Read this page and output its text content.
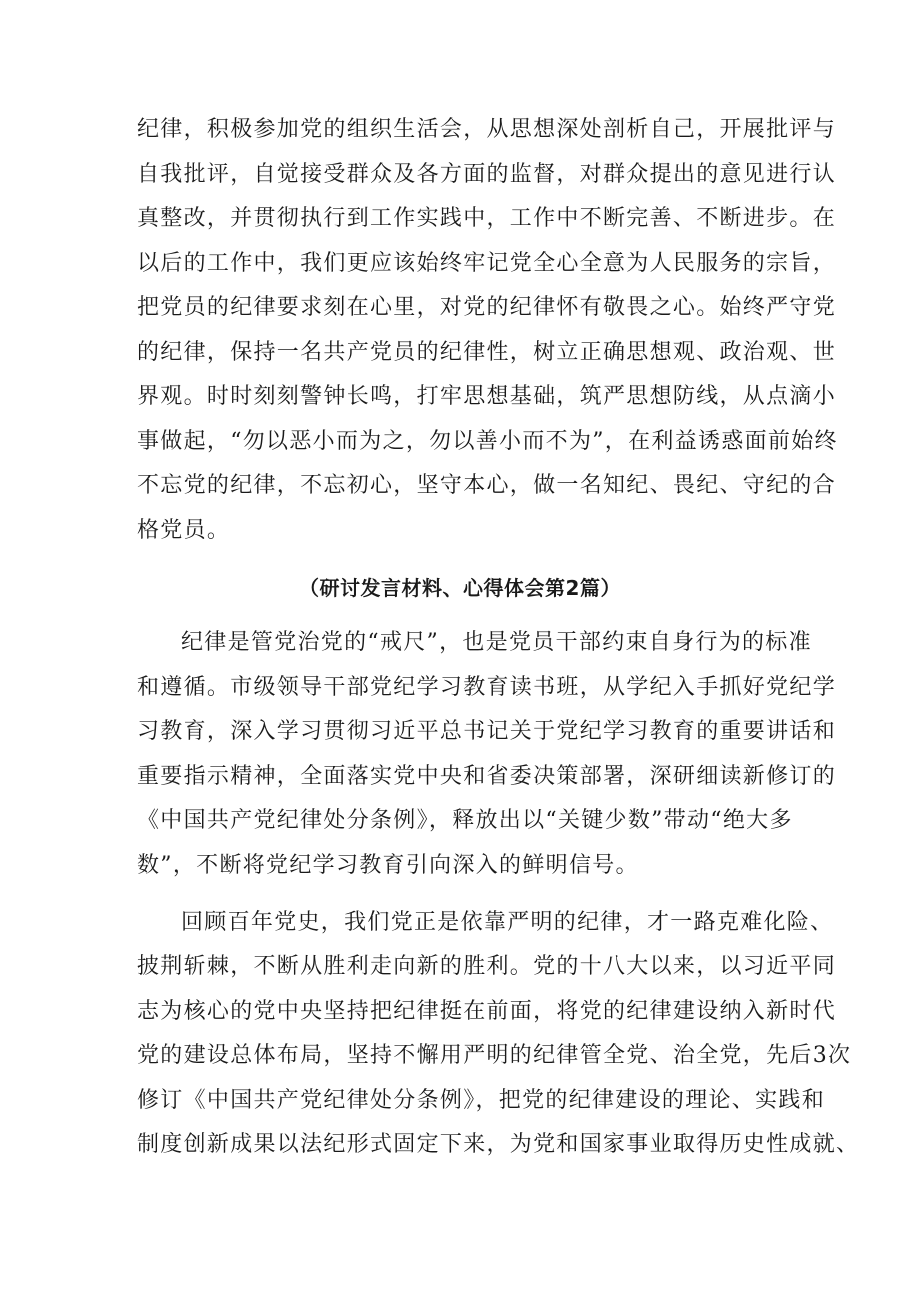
纪律，积极参加党的组织生活会，从思想深处剖析自己，开展批评与
自我批评，自觉接受群众及各方面的监督，对群众提出的意见进行认
真整改，并贯彻执行到工作实践中，工作中不断完善、不断进步。在
以后的工作中，我们更应该始终牢记党全心全意为人民服务的宗旨，
把党员的纪律要求刻在心里，对党的纪律怀有敬畏之心。始终严守党
的纪律，保持一名共产党员的纪律性，树立正确思想观、政治观、世
界观。时时刻刻警钟长鸣，打牢思想基础，筑严思想防线，从点滴小
事做起，“勿以恶小而为之，勿以善小而不为”，在利益诱惑面前始终
不忘党的纪律，不忘初心，坚守本心，做一名知纪、畏纪、守纪的合
格党员。
（研讨发言材料、心得体会第2篇）
纪律是管党治党的“戒尺”，也是党员干部约束自身行为的标准
和遵循。市级领导干部党纪学习教育读书班，从学纪入手抓好党纪学
习教育，深入学习贯彻习近平总书记关于党纪学习教育的重要讲话和
重要指示精神，全面落实党中央和省委决策部署，深研细读新修订的
《中国共产党纪律处分条例》，释放出以“关键少数”带动“绝大多
数”，不断将党纪学习教育引向深入的鲜明信号。
回顾百年党史，我们党正是依靠严明的纪律，才一路克难化险、
披荆斩棘，不断从胜利走向新的胜利。党的十八大以来，以习近平同
志为核心的党中央坚持把纪律挺在前面，将党的纪律建设纳入新时代
党的建设总体布局，坚持不懈用严明的纪律管全党、治全党，先后3次
修订《中国共产党纪律处分条例》，把党的纪律建设的理论、实践和
制度创新成果以法纪形式固定下来，为党和国家事业取得历史性成就、
